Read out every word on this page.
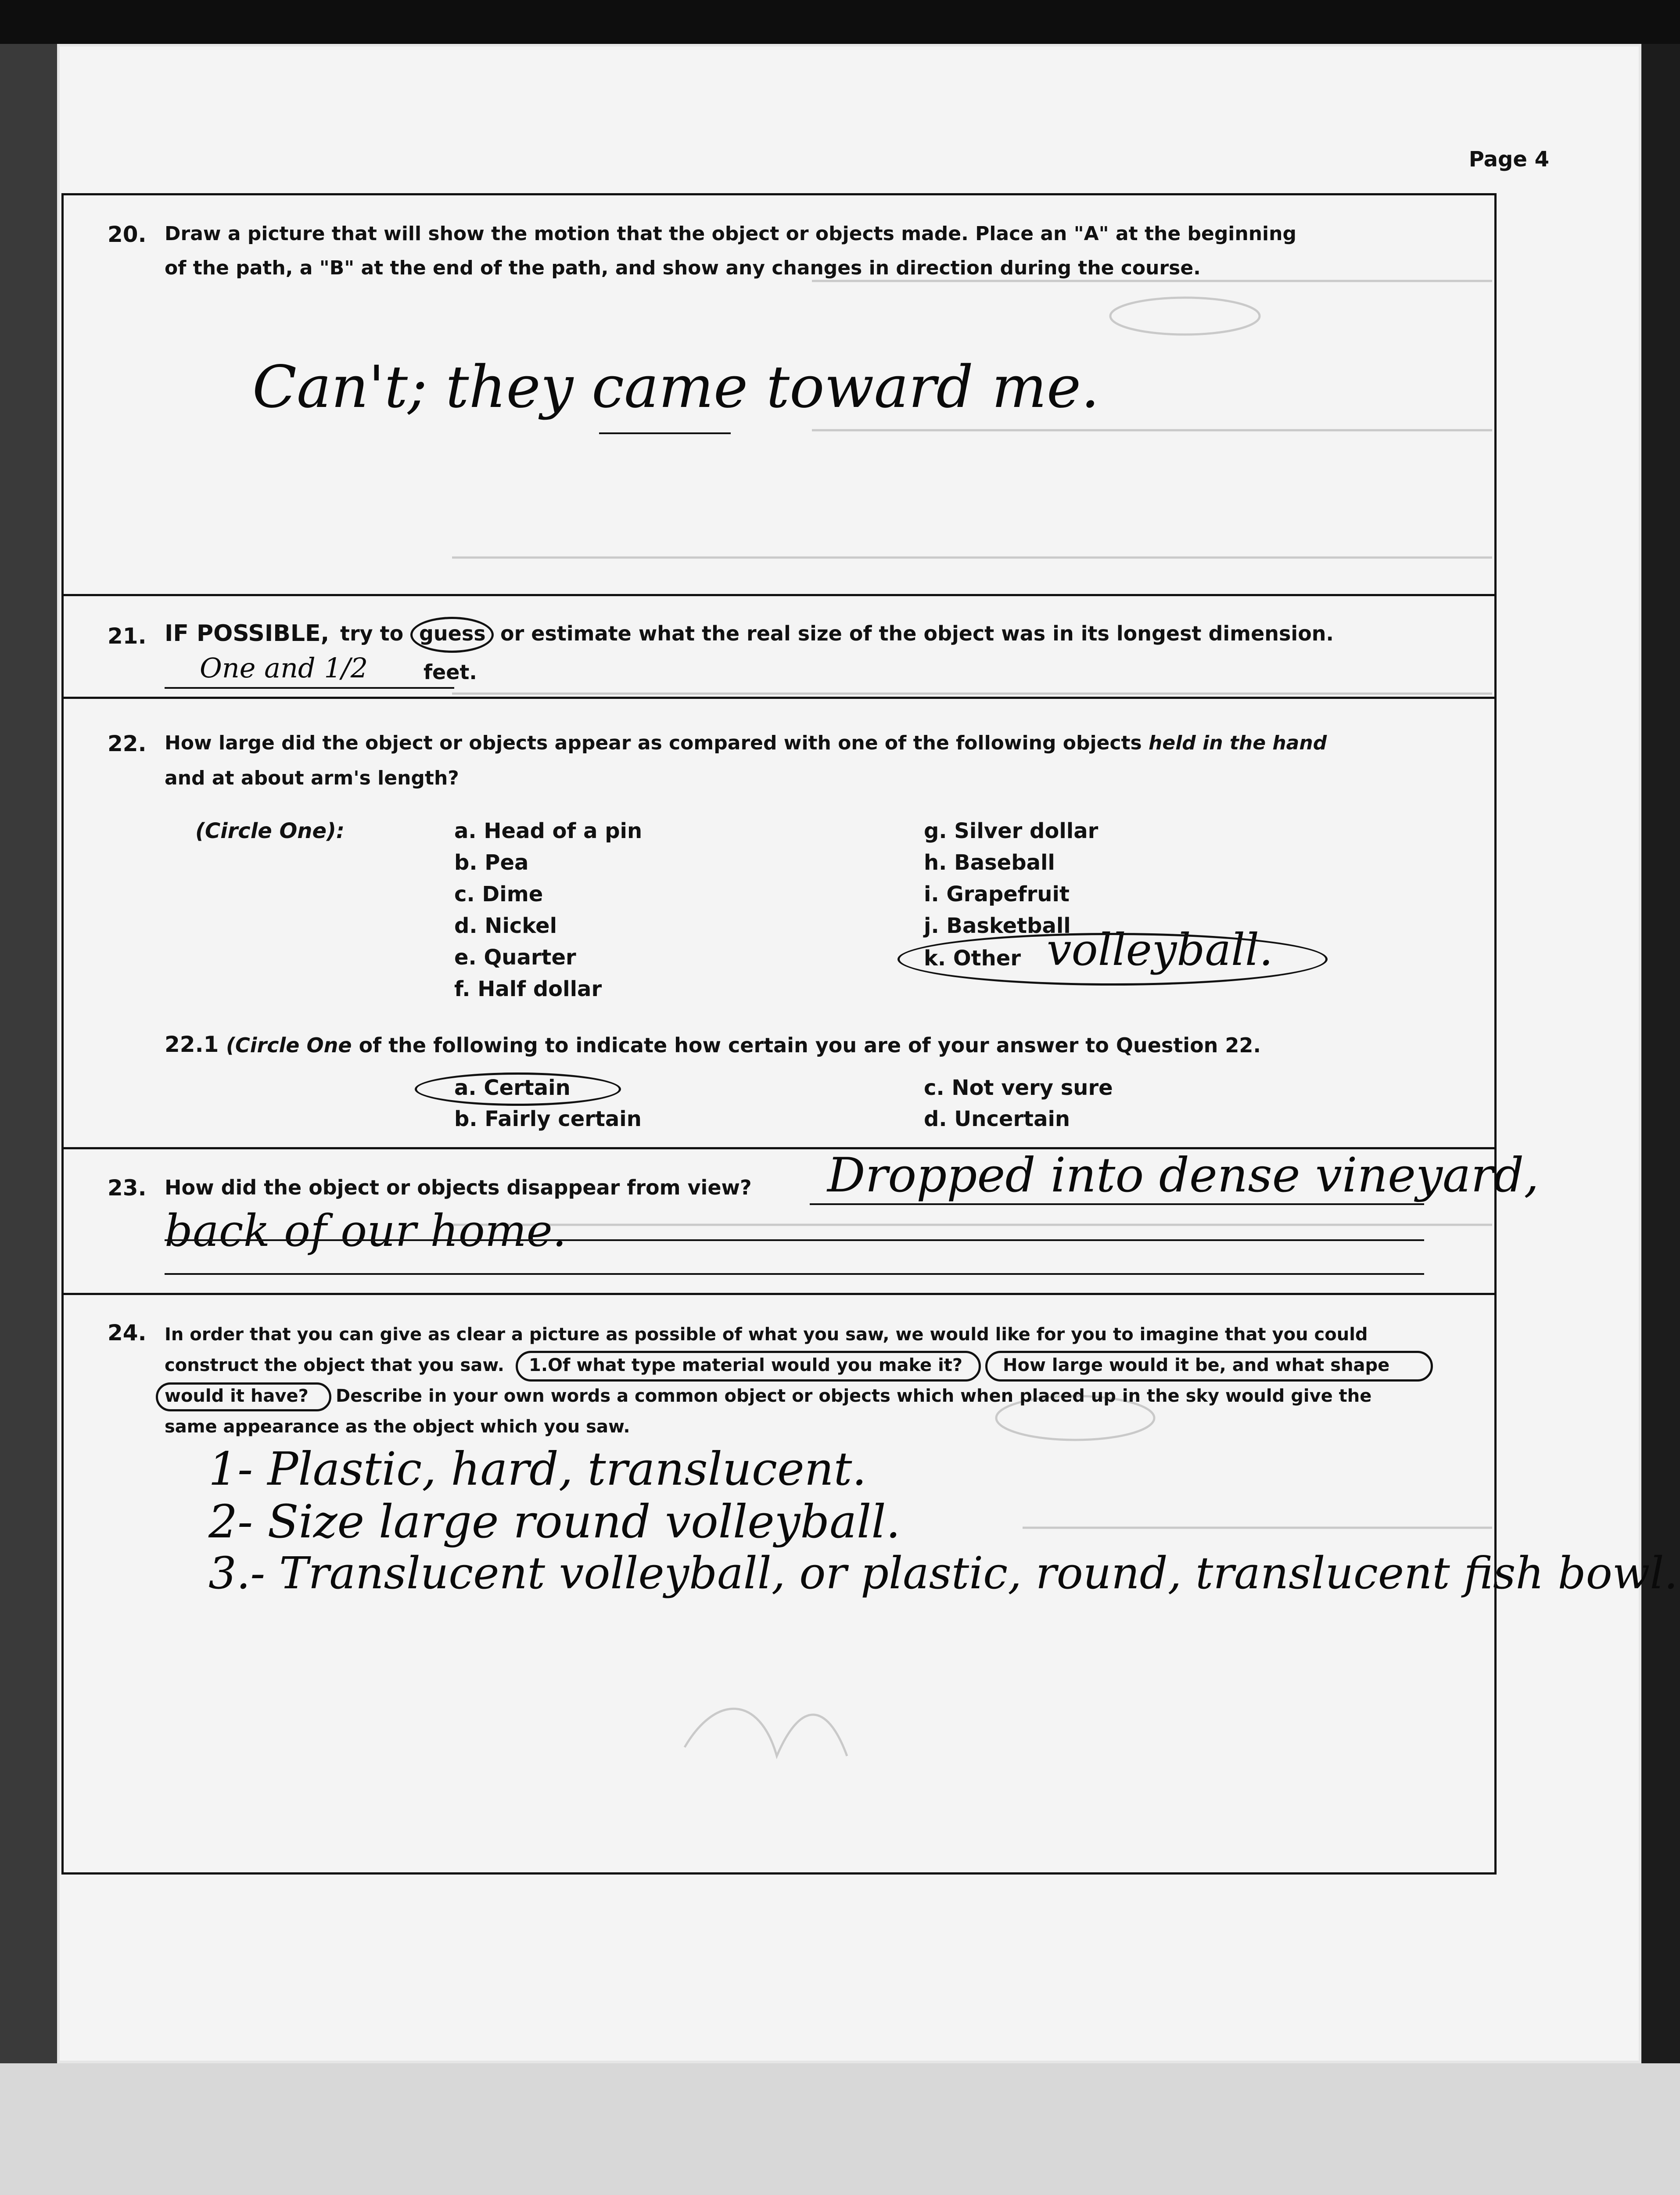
Page 4
20. Draw a picture that will show the motion that the object or objects made. Place an "A" at the beginning
of the path, a "B" at the end of the path, and show any changes in direction during the course.
Can't; they came toward me.
21. IF POSSIBLE, try to guess or estimate what the real size of the object was in its longest dimension.
One and 1/2	feet.
22. How large did the object or objects appear as compared with one of the following objects held in the hand
and at about arm's length?
(Circle One):	a. Head of a pin
b. Pea
c. Dime
d. Nickel
e. Quarter
f. Half dollar
g. Silver dollar
h. Baseball
i. Grapefruit
j. Basketball
k. Other volleyball.
22.1 (Circle One of the following to indicate how certain you are of your answer to Question 22.
a. Certain
b. Fairly certain
c. Not very sure
d. Uncertain
23. How did the object or objects disappear from view? Dropped into dense vineyard,
back of our home.
24. In order that you can give as clear a picture as possible of what you saw, we would like for you to imagine that you could
construct the object that you saw. 1.Of what type material would you make it? How large would it be, and what shape
would it have? Describe in your own words a common object or objects which when placed up in the sky would give the
same appearance as the object which you saw.
1- Plastic, hard, translucent.
2- Size large round volleyball.
3.- Translucent volleyball, or plastic, round, translucent fish bowl.
